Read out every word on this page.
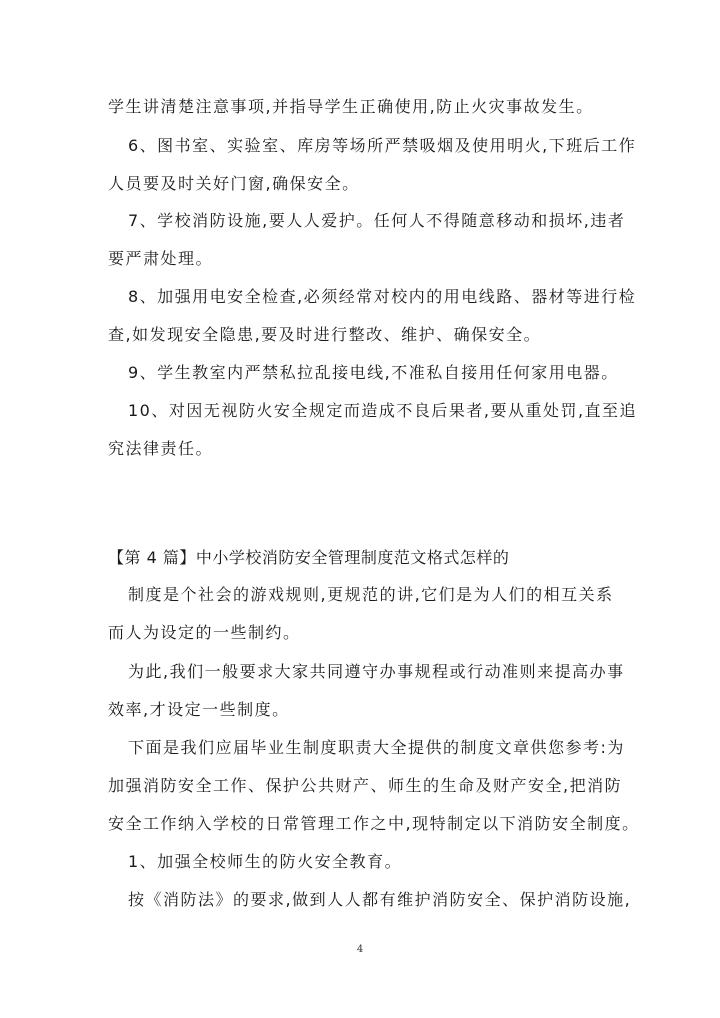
学生讲清楚注意事项,并指导学生正确使用,防止火灾事故发生。
6、图书室、实验室、库房等场所严禁吸烟及使用明火,下班后工作
人员要及时关好门窗,确保安全。
7、学校消防设施,要人人爱护。任何人不得随意移动和损坏,违者
要严肃处理。
8、加强用电安全检查,必须经常对校内的用电线路、器材等进行检
查,如发现安全隐患,要及时进行整改、维护、确保安全。
9、学生教室内严禁私拉乱接电线,不准私自接用任何家用电器。
10、对因无视防火安全规定而造成不良后果者,要从重处罚,直至追
究法律责任。
【第 4 篇】中小学校消防安全管理制度范文格式怎样的
制度是个社会的游戏规则,更规范的讲,它们是为人们的相互关系
而人为设定的一些制约。
为此,我们一般要求大家共同遵守办事规程或行动准则来提高办事
效率,才设定一些制度。
下面是我们应届毕业生制度职责大全提供的制度文章供您参考:为
加强消防安全工作、保护公共财产、师生的生命及财产安全,把消防
安全工作纳入学校的日常管理工作之中,现特制定以下消防安全制度。
1、加强全校师生的防火安全教育。
按《消防法》的要求,做到人人都有维护消防安全、保护消防设施,
4
